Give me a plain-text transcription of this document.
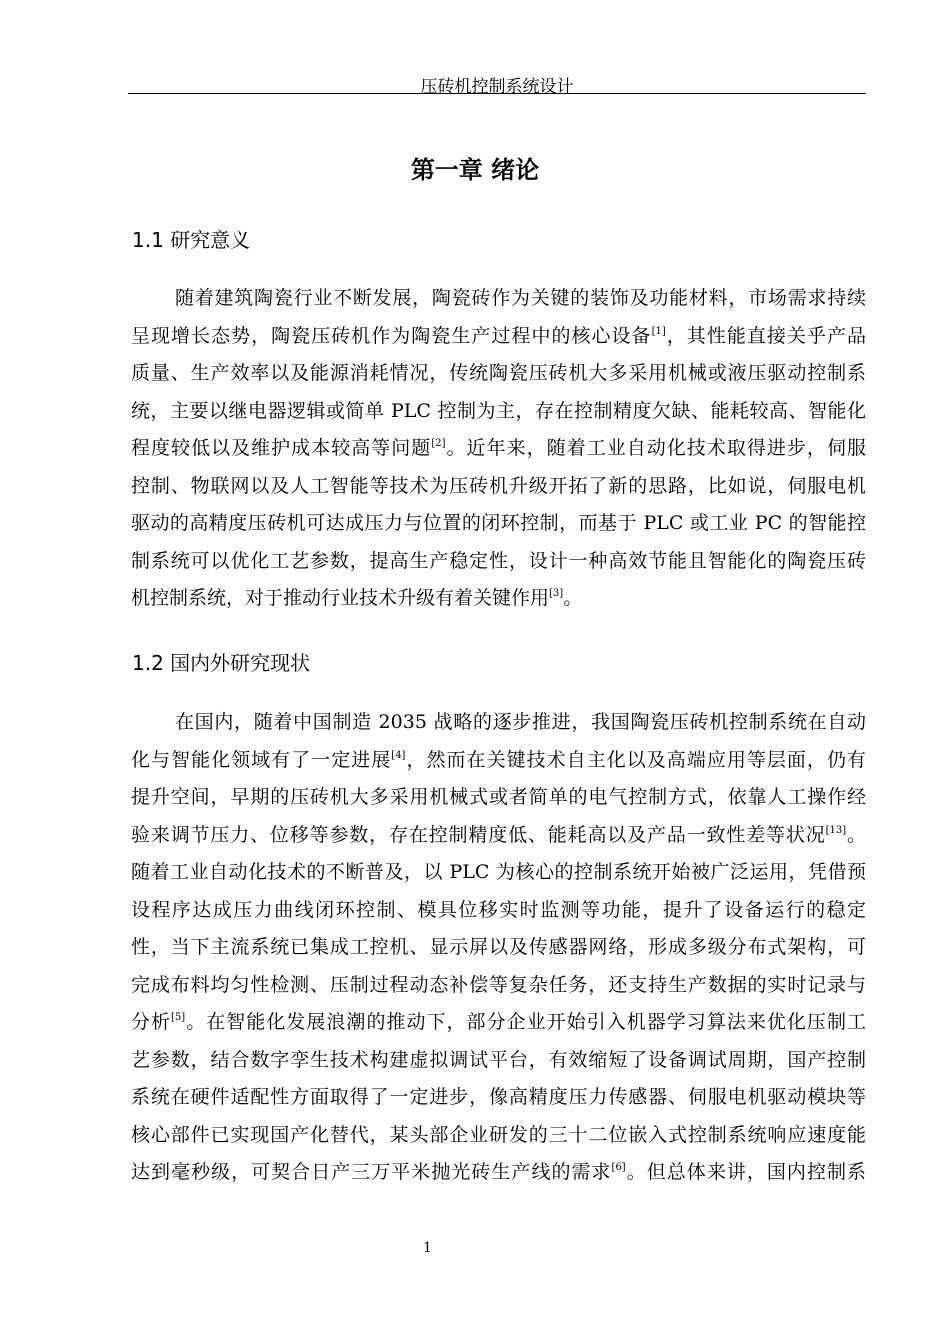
压砖机控制系统设计
第一章 绪论
1.1 研究意义
1.2 国内外研究现状
随着建筑陶瓷行业不断发展，陶瓷砖作为关键的装饰及功能材料，市场需求持续
呈现增长态势，陶瓷压砖机作为陶瓷生产过程中的核心设备[1]，其性能直接关乎产品
质量、生产效率以及能源消耗情况，传统陶瓷压砖机大多采用机械或液压驱动控制系
统，主要以继电器逻辑或简单 PLC 控制为主，存在控制精度欠缺、能耗较高、智能化
程度较低以及维护成本较高等问题[2]。近年来，随着工业自动化技术取得进步，伺服
控制、物联网以及人工智能等技术为压砖机升级开拓了新的思路，比如说，伺服电机
驱动的高精度压砖机可达成压力与位置的闭环控制，而基于 PLC 或工业 PC 的智能控
制系统可以优化工艺参数，提高生产稳定性，设计一种高效节能且智能化的陶瓷压砖
机控制系统，对于推动行业技术升级有着关键作用[3]。
在国内，随着中国制造 2035 战略的逐步推进，我国陶瓷压砖机控制系统在自动
化与智能化领域有了一定进展[4]，然而在关键技术自主化以及高端应用等层面，仍有
提升空间，早期的压砖机大多采用机械式或者简单的电气控制方式，依靠人工操作经
验来调节压力、位移等参数，存在控制精度低、能耗高以及产品一致性差等状况[13]。
随着工业自动化技术的不断普及，以 PLC 为核心的控制系统开始被广泛运用，凭借预
设程序达成压力曲线闭环控制、模具位移实时监测等功能，提升了设备运行的稳定
性，当下主流系统已集成工控机、显示屏以及传感器网络，形成多级分布式架构，可
完成布料均匀性检测、压制过程动态补偿等复杂任务，还支持生产数据的实时记录与
分析[5]。在智能化发展浪潮的推动下，部分企业开始引入机器学习算法来优化压制工
艺参数，结合数字孪生技术构建虚拟调试平台，有效缩短了设备调试周期，国产控制
系统在硬件适配性方面取得了一定进步，像高精度压力传感器、伺服电机驱动模块等
核心部件已实现国产化替代，某头部企业研发的三十二位嵌入式控制系统响应速度能
达到毫秒级，可契合日产三万平米抛光砖生产线的需求[6]。但总体来讲，国内控制系
1
